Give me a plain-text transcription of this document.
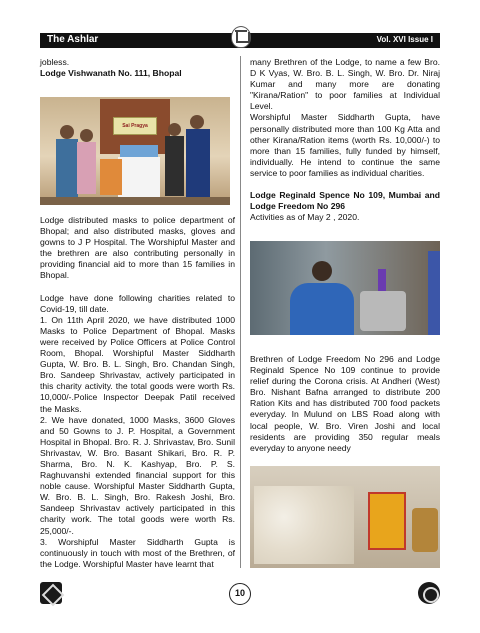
The Ashlar	Vol. XVI Issue I

jobless.

Lodge Vishwanath No. 111, Bhopal

Sai Pragya

Lodge distributed masks to police department of Bhopal; and also distributed masks, gloves and gowns to J P Hospital. The Worshipful Master and the brethren are also contributing personally in providing financial aid to more than 15 families in Bhopal.

Lodge have done following charities related to Covid-19, till date.

1. On 11th April 2020, we have distributed 1000 Masks to Police Department of Bhopal. Masks were received by Police Officers at Police Control Room, Bhopal. Worshipful Master Siddharth Gupta, W. Bro. B. L. Singh, Bro. Chandan Singh, Bro. Sandeep Shrivastav, actively participated in this charity activity. the total goods were worth Rs. 10,000/-.Police Inspector Deepak Patil received the Masks.

2. We have donated, 1000 Masks, 3600 Gloves and 50 Gowns to J. P. Hospital, a Government Hospital in Bhopal. Bro. R. J. Shrivastav, Bro. Sunil Shrivastav, W. Bro. Basant Shikari, Bro. R. P. Sharma, Bro. N. K. Kashyap, Bro. P. S. Raghuvanshi extended financial support for this noble cause. Worshipful Master Siddharth Gupta, W. Bro. B. L. Singh, Bro. Rakesh Joshi, Bro. Sandeep Shrivastav actively participated in this charity work. The total goods were worth Rs. 25,000/-.

3. Worshipful Master Siddharth Gupta is continuously in touch with most of the Brethren, of the Lodge. Worshipful Master have learnt that

many Brethren of the Lodge, to name a few Bro. D K Vyas, W. Bro. B. L. Singh, W. Bro. Dr. Niraj Kumar and many more are donating "Kirana/Ration" to poor families at Individual Level.

Worshipful Master Siddharth Gupta, have personally distributed more than 100 Kg Atta and other Kirana/Ration items (worth Rs. 10,000/-) to more than 15 families, fully funded by himself, individually. He intend to continue the same service to poor families as individual charities.

Lodge Reginald Spence No 109, Mumbai and Lodge Freedom No 296

Activities as of May 2 , 2020.

Brethren of Lodge Freedom No 296 and Lodge Reginald Spence No 109 continue to provide relief during the Corona crisis. At Andheri (West) Bro. Nishant Bafna arranged to distribute 200 Ration Kits and has distributed 700 food packets everyday. In Mulund on LBS Road along with local people, W. Bro. Viren Joshi and local residents are providing 350 regular meals everyday to anyone needy

10
